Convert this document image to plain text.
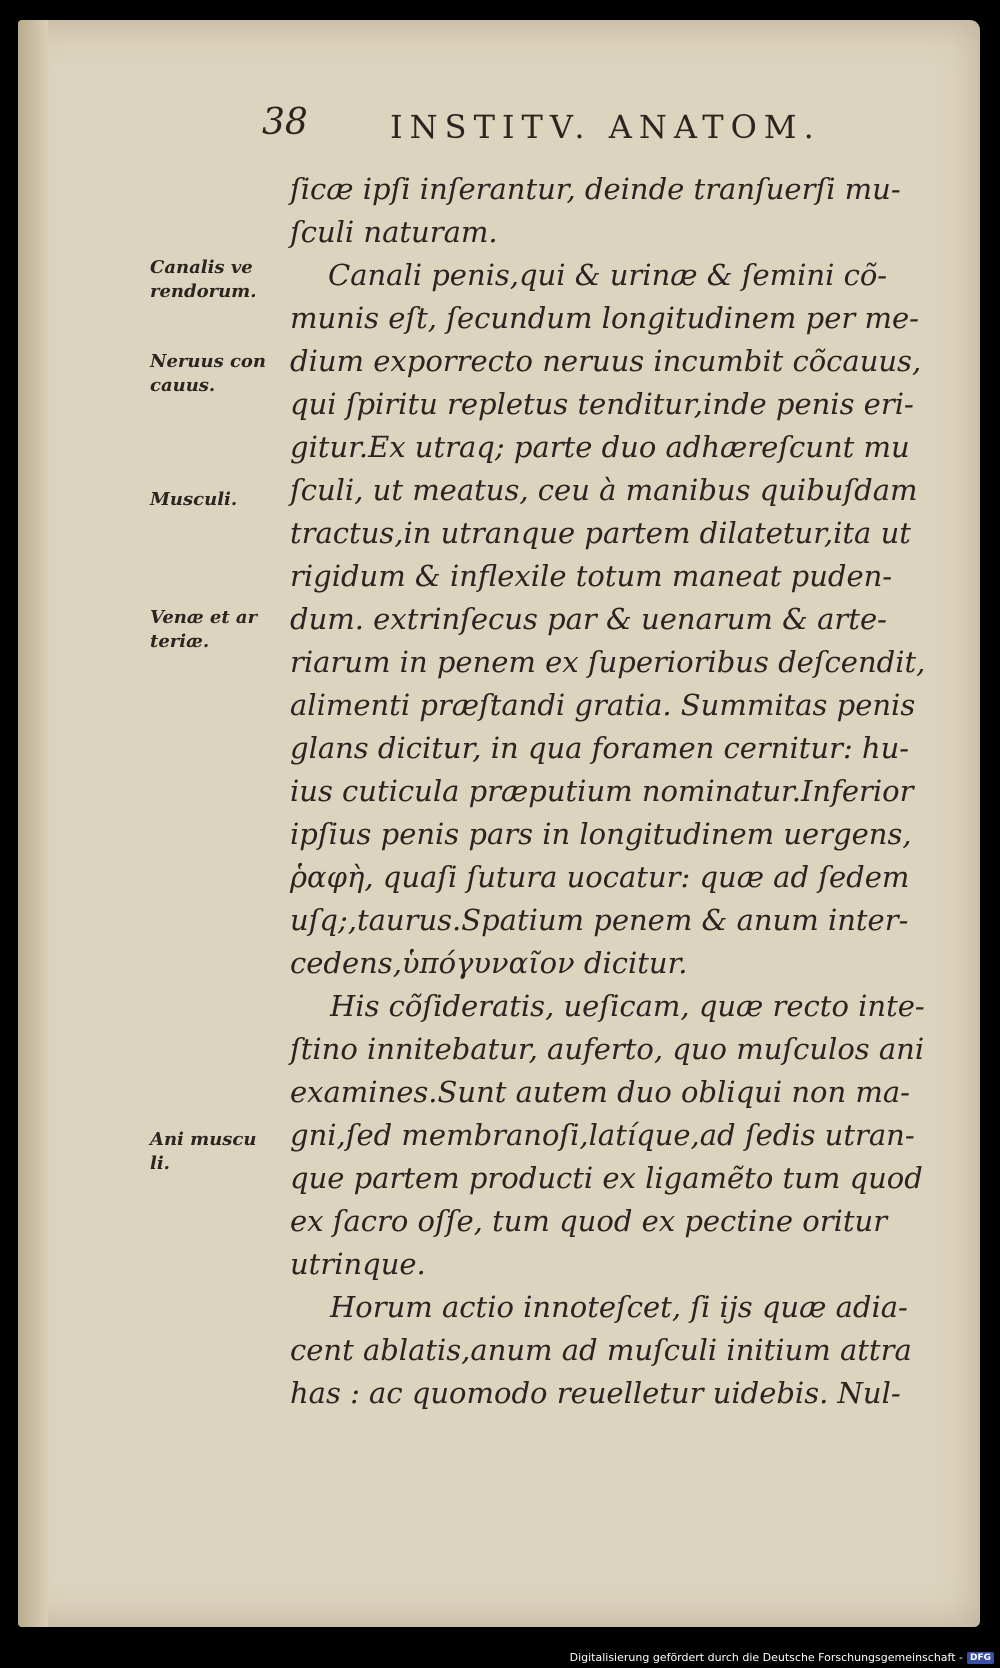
38	INSTITV. ANATOM.
Canalis ve
rendorum.
Neruus con
cauus.
Musculi.
Venæ et ar
teriæ.
Ani muscu
li.
ſicæ ipſi inſerantur, deinde tranſuerſi mu-
ſculi naturam.
Canali penis,qui & urinæ & ſemini cõ-
munis eſt, ſecundum longitudinem per me-
dium exporrecto neruus incumbit cõcauus,
qui ſpiritu repletus tenditur,inde penis eri-
gitur.Ex utraq; parte duo adhæreſcunt mu
ſculi, ut meatus, ceu à manibus quibuſdam
tractus,in utranque partem dilatetur,ita ut
rigidum & inflexile totum maneat puden-
dum. extrinſecus par & uenarum & arte-
riarum in penem ex ſuperioribus deſcendit,
alimenti præſtandi gratia. Summitas penis
glans dicitur, in qua foramen cernitur: hu-
ius cuticula præputium nominatur.Inferior
ipſius penis pars in longitudinem uergens,
ῥαφὴ, quaſi ſutura uocatur: quæ ad ſedem
uſq;,taurus.Spatium penem & anum inter-
cedens,ὑπόγυναῖον dicitur.
His cõſideratis, ueſicam, quæ recto inte-
ſtino innitebatur, auferto, quo muſculos ani
examines.Sunt autem duo obliqui non ma-
gni,ſed membranoſi,latíque,ad ſedis utran-
que partem producti ex ligamẽto tum quod
ex ſacro oſſe, tum quod ex pectine oritur
utrinque.
Horum actio innoteſcet, ſi ijs quæ adia-
cent ablatis,anum ad muſculi initium attra
has : ac quomodo reuelletur uidebis. Nul-
Digitalisierung gefördert durch die Deutsche Forschungsgemeinschaft - DFG
